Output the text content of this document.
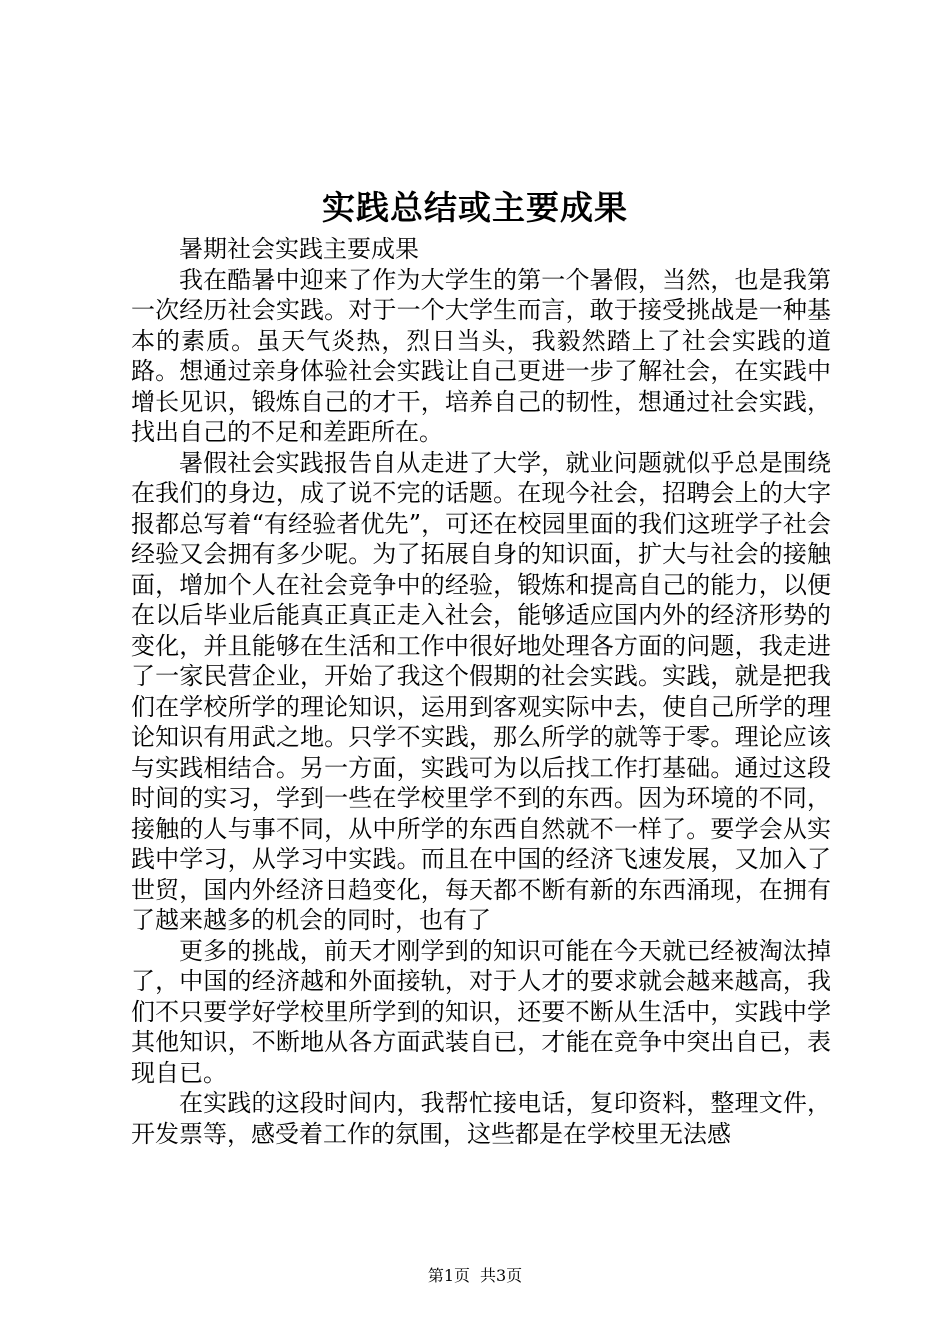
实践总结或主要成果

暑期社会实践主要成果

我在酷暑中迎来了作为大学生的第一个暑假，当然，也是我第一次经历社会实践。对于一个大学生而言，敢于接受挑战是一种基本的素质。虽天气炎热，烈日当头，我毅然踏上了社会实践的道路。想通过亲身体验社会实践让自己更进一步了解社会，在实践中增长见识，锻炼自己的才干，培养自己的韧性，想通过社会实践，找出自己的不足和差距所在。

暑假社会实践报告自从走进了大学，就业问题就似乎总是围绕在我们的身边，成了说不完的话题。在现今社会，招聘会上的大字报都总写着“有经验者优先”，可还在校园里面的我们这班学子社会经验又会拥有多少呢。为了拓展自身的知识面，扩大与社会的接触面，增加个人在社会竞争中的经验，锻炼和提高自己的能力，以便在以后毕业后能真正真正走入社会，能够适应国内外的经济形势的变化，并且能够在生活和工作中很好地处理各方面的问题，我走进了一家民营企业，开始了我这个假期的社会实践。实践，就是把我们在学校所学的理论知识，运用到客观实际中去，使自己所学的理论知识有用武之地。只学不实践，那么所学的就等于零。理论应该与实践相结合。另一方面，实践可为以后找工作打基础。通过这段时间的实习，学到一些在学校里学不到的东西。因为环境的不同，接触的人与事不同，从中所学的东西自然就不一样了。要学会从实践中学习，从学习中实践。而且在中国的经济飞速发展，又加入了世贸，国内外经济日趋变化，每天都不断有新的东西涌现，在拥有了越来越多的机会的同时，也有了

更多的挑战，前天才刚学到的知识可能在今天就已经被淘汰掉了，中国的经济越和外面接轨，对于人才的要求就会越来越高，我们不只要学好学校里所学到的知识，还要不断从生活中，实践中学其他知识，不断地从各方面武装自已，才能在竞争中突出自已，表现自已。

在实践的这段时间内，我帮忙接电话，复印资料，整理文件，开发票等，感受着工作的氛围，这些都是在学校里无法感

第1页 共3页
